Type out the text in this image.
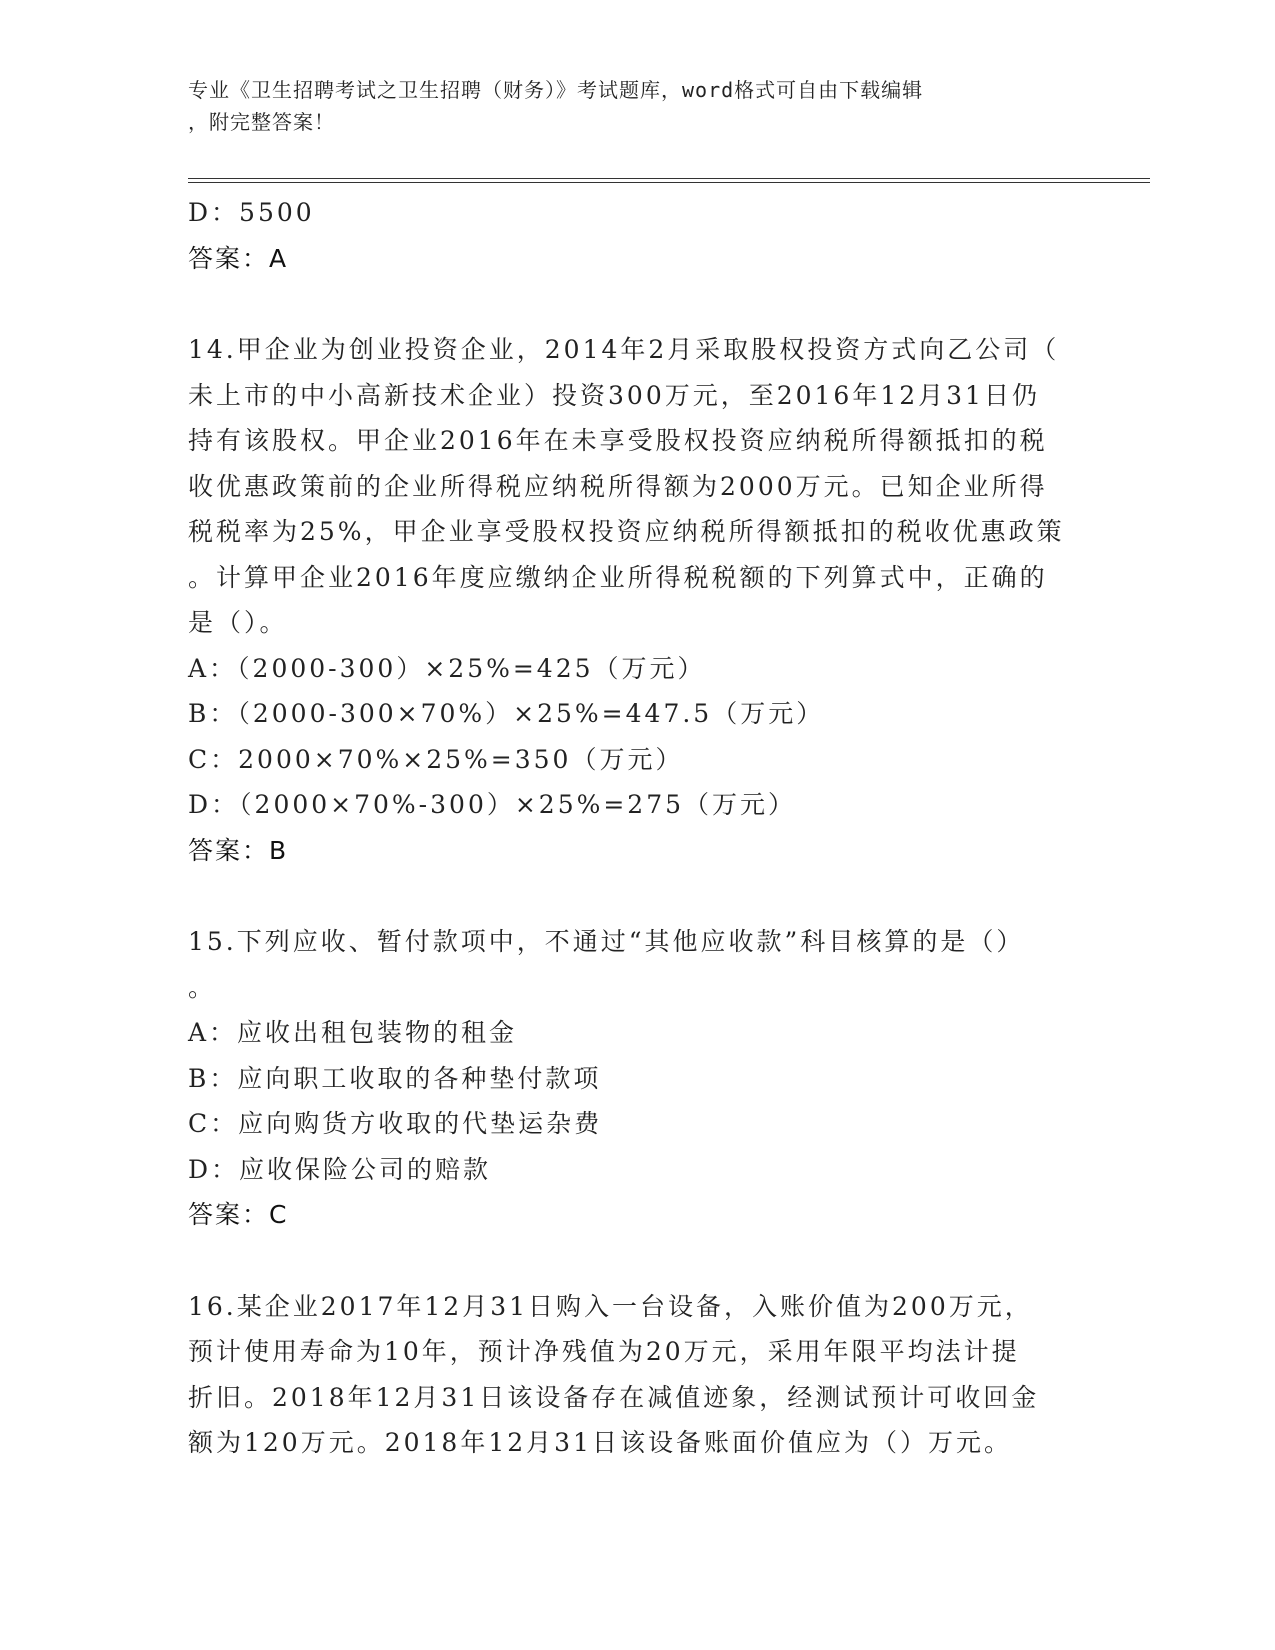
专业《卫生招聘考试之卫生招聘（财务）》考试题库，word格式可自由下载编辑
，附完整答案！
D：5500
答案：A
14.甲企业为创业投资企业，2014年2月采取股权投资方式向乙公司（
未上市的中小高新技术企业）投资300万元，至2016年12月31日仍
持有该股权。甲企业2016年在未享受股权投资应纳税所得额抵扣的税
收优惠政策前的企业所得税应纳税所得额为2000万元。已知企业所得
税税率为25%，甲企业享受股权投资应纳税所得额抵扣的税收优惠政策
。计算甲企业2016年度应缴纳企业所得税税额的下列算式中，正确的
是（）。
A：（2000-300）×25%=425（万元）
B：（2000-300×70%）×25%=447.5（万元）
C：2000×70%×25%=350（万元）
D：（2000×70%-300）×25%=275（万元）
答案：B
15.下列应收、暂付款项中，不通过“其他应收款”科目核算的是（）
。
A：应收出租包装物的租金
B：应向职工收取的各种垫付款项
C：应向购货方收取的代垫运杂费
D：应收保险公司的赔款
答案：C
16.某企业2017年12月31日购入一台设备，入账价值为200万元，
预计使用寿命为10年，预计净残值为20万元，采用年限平均法计提
折旧。2018年12月31日该设备存在减值迹象，经测试预计可收回金
额为120万元。2018年12月31日该设备账面价值应为（）万元。
